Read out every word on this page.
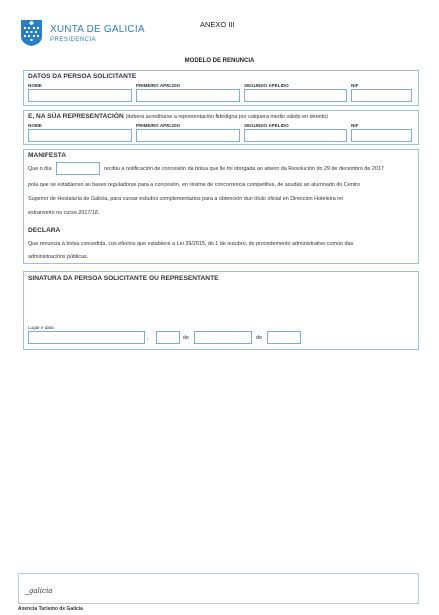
XUNTA DE GALICIA
PRESIDENCIA
ANEXO III
MODELO DE RENUNCIA
DATOS DA PERSOA SOLICITANTE
NOME	PRIMEIRO APELIDO	SEGUNDO APELIDO	NIF
E, NA SÚA REPRESENTACIÓN (deberá acreditarse a representación fidedigna por calquera medio válido en dereito)
NOME	PRIMEIRO APELIDO	SEGUNDO APELIDO	NIF
MANIFESTA
Que o día	recibiu a notificación de concesión da bolsa que lle foi otorgada ao abeiro da Resolución do 29 de decembro de 2017
pola que se establecen as bases reguladoras para a concesión, en réxime de concorrencia competitiva, de axudas ao alumnado do Centro
Superior de Hostalaría de Galicia, para cursar estudos complementarios para a obtención dun título oficial en Dirección Hoteleira no
estranxeiro no curso 2017/18.
DECLARA
Que renuncia á bolsa concedida, cos efectos que establece a Lei 39/2015, do 1 de outubro, do procedemento administrativo común das
administracións públicas.
SINATURA DA PERSOA SOLICITANTE OU REPRESENTANTE
Lugar e data
,	de	de
_galicia
Axencia Turismo de Galicia
